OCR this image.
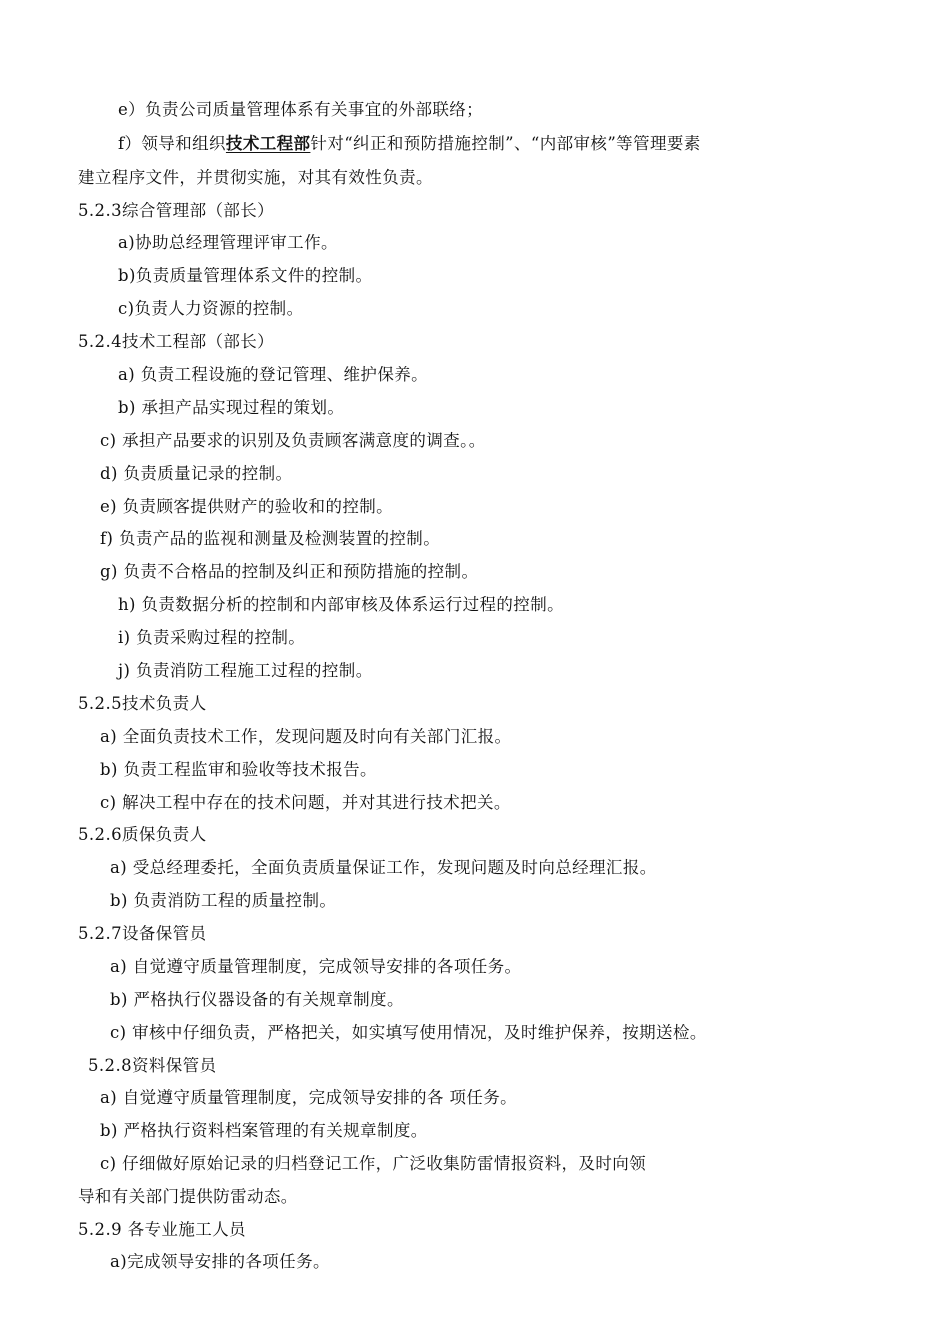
e）负责公司质量管理体系有关事宜的外部联络；
f）领导和组织技术工程部针对“纠正和预防措施控制”、“内部审核”等管理要素
建立程序文件，并贯彻实施，对其有效性负责。
5.2.3综合管理部（部长）
a)协助总经理管理评审工作。
b)负责质量管理体系文件的控制。
c)负责人力资源的控制。
5.2.4技术工程部（部长）
a) 负责工程设施的登记管理、维护保养。
b) 承担产品实现过程的策划。
c) 承担产品要求的识别及负责顾客满意度的调查。。
d) 负责质量记录的控制。
e) 负责顾客提供财产的验收和的控制。
f) 负责产品的监视和测量及检测装置的控制。
g) 负责不合格品的控制及纠正和预防措施的控制。
h) 负责数据分析的控制和内部审核及体系运行过程的控制。
i) 负责采购过程的控制。
j) 负责消防工程施工过程的控制。
5.2.5技术负责人
a) 全面负责技术工作，发现问题及时向有关部门汇报。
b) 负责工程监审和验收等技术报告。
c) 解决工程中存在的技术问题，并对其进行技术把关。
5.2.6质保负责人
a) 受总经理委托，全面负责质量保证工作，发现问题及时向总经理汇报。
b) 负责消防工程的质量控制。
5.2.7设备保管员
a) 自觉遵守质量管理制度，完成领导安排的各项任务。
b) 严格执行仪器设备的有关规章制度。
c) 审核中仔细负责，严格把关，如实填写使用情况，及时维护保养，按期送检。
5.2.8资料保管员
a) 自觉遵守质量管理制度，完成领导安排的各 项任务。
b) 严格执行资料档案管理的有关规章制度。
c) 仔细做好原始记录的归档登记工作，广泛收集防雷情报资料，及时向领
导和有关部门提供防雷动态。
5.2.9 各专业施工人员
a)完成领导安排的各项任务。
